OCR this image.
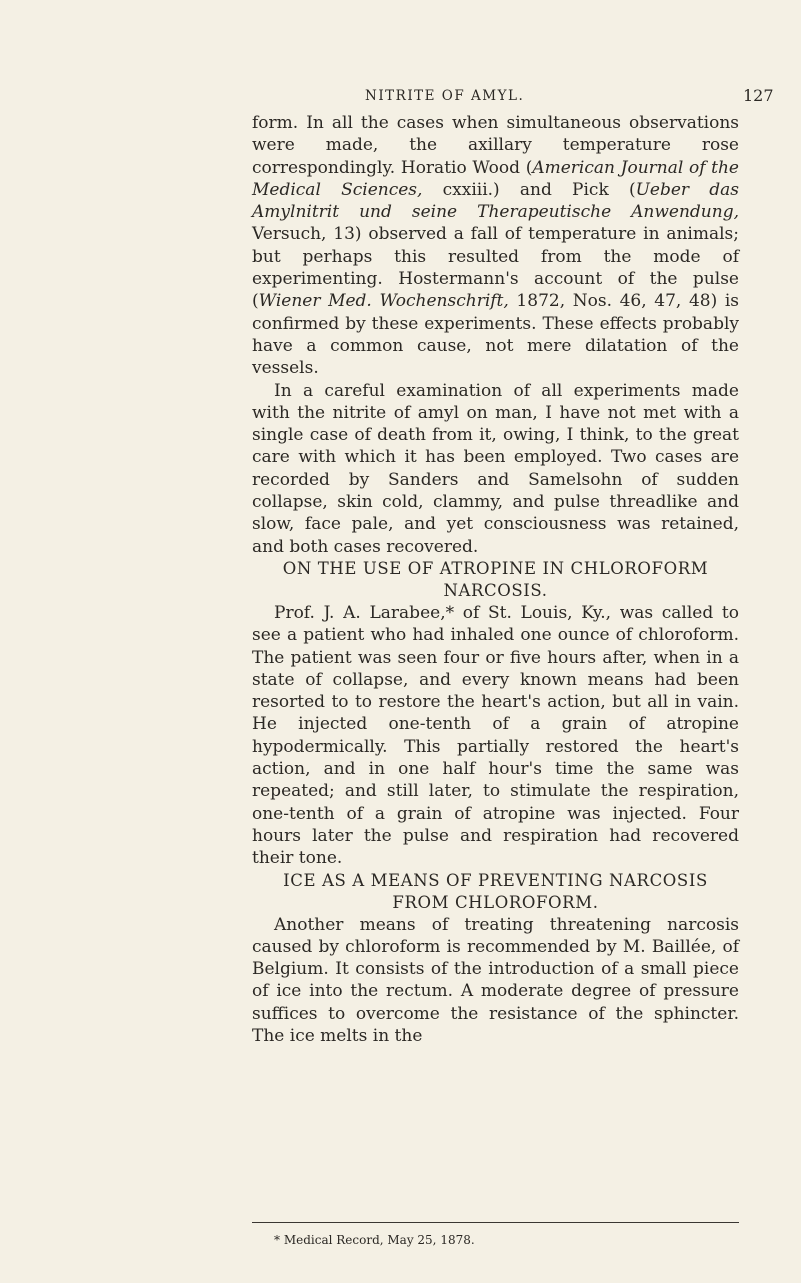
NITRITE OF AMYL.	127

form. In all the cases when simultaneous observations were made, the axillary temperature rose correspondingly. Horatio Wood (American Journal of the Medical Sciences, cxxiii.) and Pick (Ueber das Amylnitrit und seine Therapeutische Anwendung, Versuch, 13) observed a fall of temperature in animals; but perhaps this resulted from the mode of experimenting. Hostermann's account of the pulse (Wiener Med. Wochenschrift, 1872, Nos. 46, 47, 48) is confirmed by these experiments. These effects probably have a common cause, not mere dilatation of the vessels.

In a careful examination of all experiments made with the nitrite of amyl on man, I have not met with a single case of death from it, owing, I think, to the great care with which it has been employed. Two cases are recorded by Sanders and Samelsohn of sudden collapse, skin cold, clammy, and pulse threadlike and slow, face pale, and yet consciousness was retained, and both cases recovered.

ON THE USE OF ATROPINE IN CHLOROFORM NARCOSIS.

Prof. J. A. Larabee,* of St. Louis, Ky., was called to see a patient who had inhaled one ounce of chloroform. The patient was seen four or five hours after, when in a state of collapse, and every known means had been resorted to to restore the heart's action, but all in vain. He injected one-tenth of a grain of atropine hypodermically. This partially restored the heart's action, and in one half hour's time the same was repeated; and still later, to stimulate the respiration, one-tenth of a grain of atropine was injected. Four hours later the pulse and respiration had recovered their tone.

ICE AS A MEANS OF PREVENTING NARCOSIS FROM CHLOROFORM.

Another means of treating threatening narcosis caused by chloroform is recommended by M. Baillée, of Belgium. It consists of the introduction of a small piece of ice into the rectum. A moderate degree of pressure suffices to overcome the resistance of the sphincter. The ice melts in the

* Medical Record, May 25, 1878.
